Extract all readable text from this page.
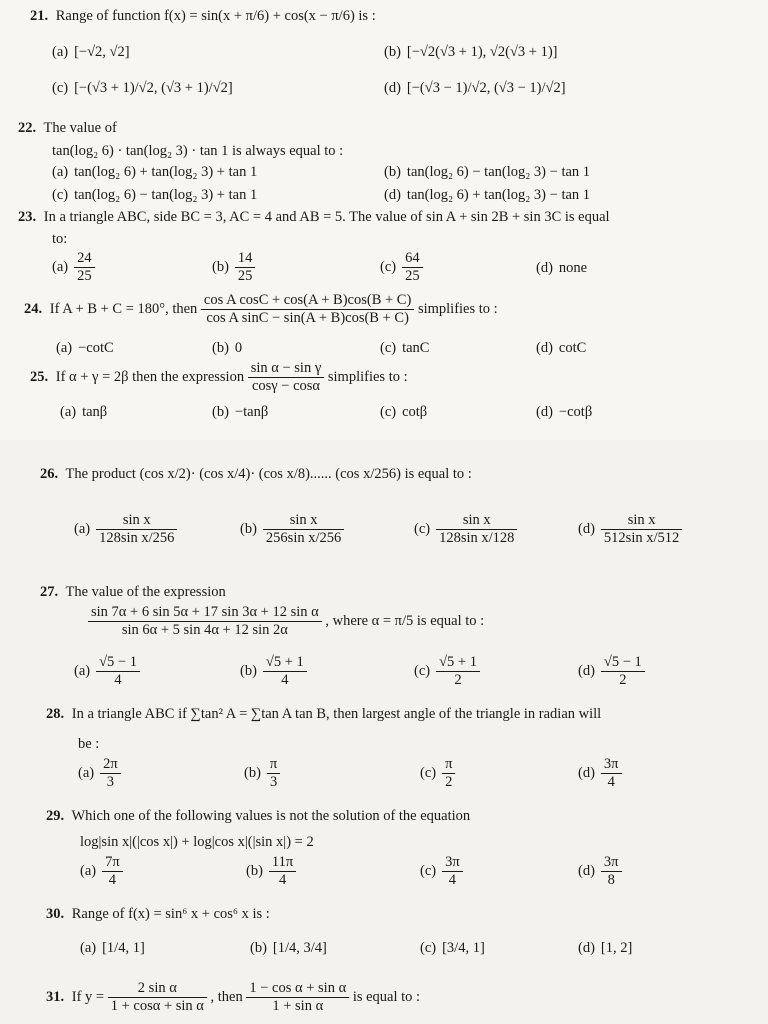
21. Range of function f(x) = sin(x + π/6) + cos(x − π/6) is :
(a) [−√2, √2]	(b) [−√2(√3 + 1), √2(√3 + 1)]
(c) [−(√3 + 1)/√2, (√3 + 1)/√2]	(d) [−(√3 − 1)/√2, (√3 − 1)/√2]
22. The value of
tan(log₂ 6) · tan(log₂ 3) · tan 1 is always equal to :
(a) tan(log₂ 6) + tan(log₂ 3) + tan 1	(b) tan(log₂ 6) − tan(log₂ 3) − tan 1
(c) tan(log₂ 6) − tan(log₂ 3) + tan 1	(d) tan(log₂ 6) + tan(log₂ 3) − tan 1
23. In a triangle ABC, side BC = 3, AC = 4 and AB = 5. The value of sin A + sin 2B + sin 3C is equal
to:
$(a) \frac{24}{25}$	$(b) \frac{14}{25}$	$(c) \frac{64}{25}$	(d) none
24. If A + B + C = 180°, then $\frac{\text{cos A cosC + cos(A + B)cos(B + C)}}{\text{cos A sinC − sin(A + B)cos(B + C)}}$ simplifies to :
(a) −cotC	(b) 0	(c) tanC	(d) cotC
25. If α + γ = 2β then the expression $\frac{\text{sin α − sin γ}}{\cos\gamma - \cos\alpha}$ simplifies to :
(a) tanβ	(b) −tanβ	(c) cotβ	(d) −cotβ
26. The product (cos x/2)· (cos x/4)· (cos x/8)...... (cos x/256) is equal to :
$(a) \frac{\text{sin x}}{\text{128sin x/256}}$	$(b) \frac{\text{sin x}}{\text{256sin x/256}}$	$(c) \frac{\text{sin x}}{\text{128sin x/128}}$	$(d) \frac{\text{sin x}}{\text{512sin x/512}}$
27. The value of the expression
$\frac{\text{sin 7α + 6 sin 5α + 17 sin 3α + 12 sin α}}{\sin 6\alpha + 5 \sin 4\alpha + 12 \sin 2\alpha}$ , where α = π/5 is equal to :
$(a) \frac{√5 - 1}{4}$	$(b) \frac{√5 + 1}{4}$	$(c) \frac{√5 + 1}{2}$	$(d) \frac{√5 - 1}{2}$
28. In a triangle ABC if ∑tan² A = ∑tan A tan B, then largest angle of the triangle in radian will
be :
$(a) \frac{2\pi}{3}$	$(b) \frac{\pi}{3}$	$(c) \frac{\pi}{2}$	$(d) \frac{3\pi}{4}$
29. Which one of the following values is not the solution of the equation
log|sin x|(|cos x|) + log|cos x|(|sin x|) = 2
$(a) \frac{7\pi}{4}$	$(b) \frac{11\pi}{4}$	$(c) \frac{3\pi}{4}$	$(d) \frac{3\pi}{8}$
30. Range of f(x) = sin⁶ x + cos⁶ x is :
(a) [1/4, 1]	(b) [1/4, 3/4]	(c) [3/4, 1]	(d) [1, 2]
31. If $y = \frac{\text{2 sin α}}{\text{1 + cosα + sin α}}$ , then $\frac{\text{1 − cos α + sin α}}{\text{1 + sin α}}$ is equal to :
